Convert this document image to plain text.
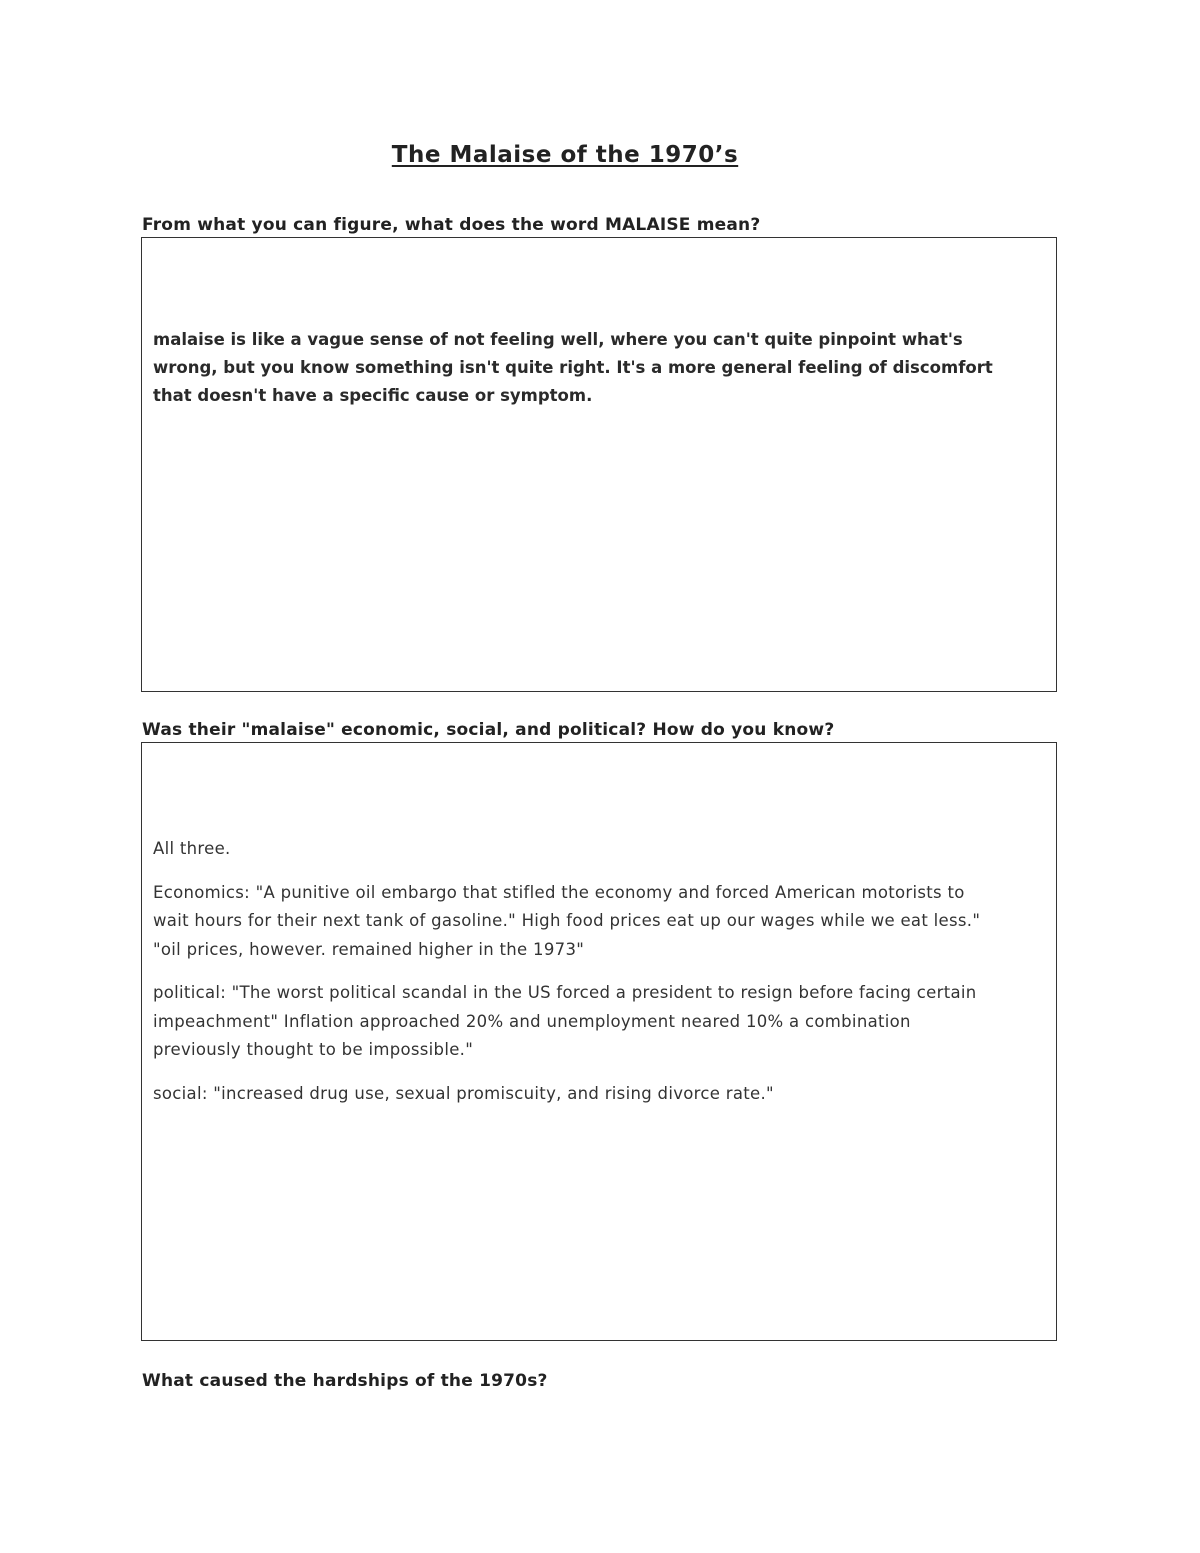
The Malaise of the 1970’s
From what you can figure, what does the word MALAISE mean?

malaise is like a vague sense of not feeling well, where you can't quite pinpoint what's wrong, but you know something isn't quite right. It's a more general feeling of discomfort that doesn't have a specific cause or symptom.

Was their "malaise" economic, social, and political? How do you know?

All three.

Economics: "A punitive oil embargo that stifled the economy and forced American motorists to wait hours for their next tank of gasoline." High food prices eat up our wages while we eat less." "oil prices, however. remained higher in the 1973"

political: "The worst political scandal in the US forced a president to resign before facing certain impeachment" Inflation approached 20% and unemployment neared 10% a combination previously thought to be impossible."

social: "increased drug use, sexual promiscuity, and rising divorce rate."

What caused the hardships of the 1970s?
